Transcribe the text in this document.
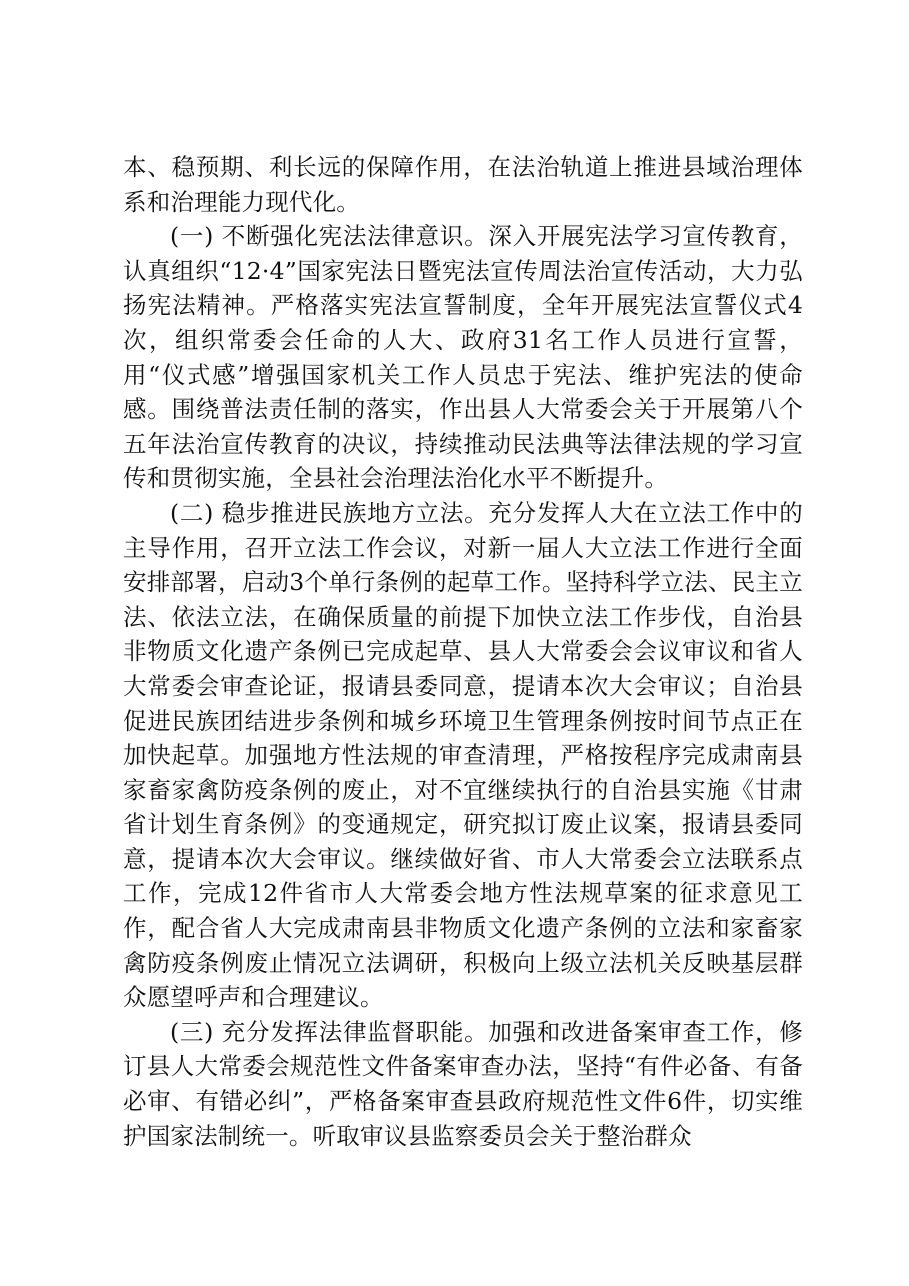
本、稳预期、利长远的保障作用，在法治轨道上推进县域治理体系和治理能力现代化。

(一) 不断强化宪法法律意识。深入开展宪法学习宣传教育，认真组织“12·4”国家宪法日暨宪法宣传周法治宣传活动，大力弘扬宪法精神。严格落实宪法宣誓制度，全年开展宪法宣誓仪式4次，组织常委会任命的人大、政府31名工作人员进行宣誓，用“仪式感”增强国家机关工作人员忠于宪法、维护宪法的使命感。围绕普法责任制的落实，作出县人大常委会关于开展第八个五年法治宣传教育的决议，持续推动民法典等法律法规的学习宣传和贯彻实施，全县社会治理法治化水平不断提升。

(二) 稳步推进民族地方立法。充分发挥人大在立法工作中的主导作用，召开立法工作会议，对新一届人大立法工作进行全面安排部署，启动3个单行条例的起草工作。坚持科学立法、民主立法、依法立法，在确保质量的前提下加快立法工作步伐，自治县非物质文化遗产条例已完成起草、县人大常委会会议审议和省人大常委会审查论证，报请县委同意，提请本次大会审议；自治县促进民族团结进步条例和城乡环境卫生管理条例按时间节点正在加快起草。加强地方性法规的审查清理，严格按程序完成肃南县家畜家禽防疫条例的废止，对不宜继续执行的自治县实施《甘肃省计划生育条例》的变通规定，研究拟订废止议案，报请县委同意，提请本次大会审议。继续做好省、市人大常委会立法联系点工作，完成12件省市人大常委会地方性法规草案的征求意见工作，配合省人大完成肃南县非物质文化遗产条例的立法和家畜家禽防疫条例废止情况立法调研，积极向上级立法机关反映基层群众愿望呼声和合理建议。

(三) 充分发挥法律监督职能。加强和改进备案审查工作，修订县人大常委会规范性文件备案审查办法，坚持“有件必备、有备必审、有错必纠”，严格备案审查县政府规范性文件6件，切实维护国家法制统一。听取审议县监察委员会关于整治群众
